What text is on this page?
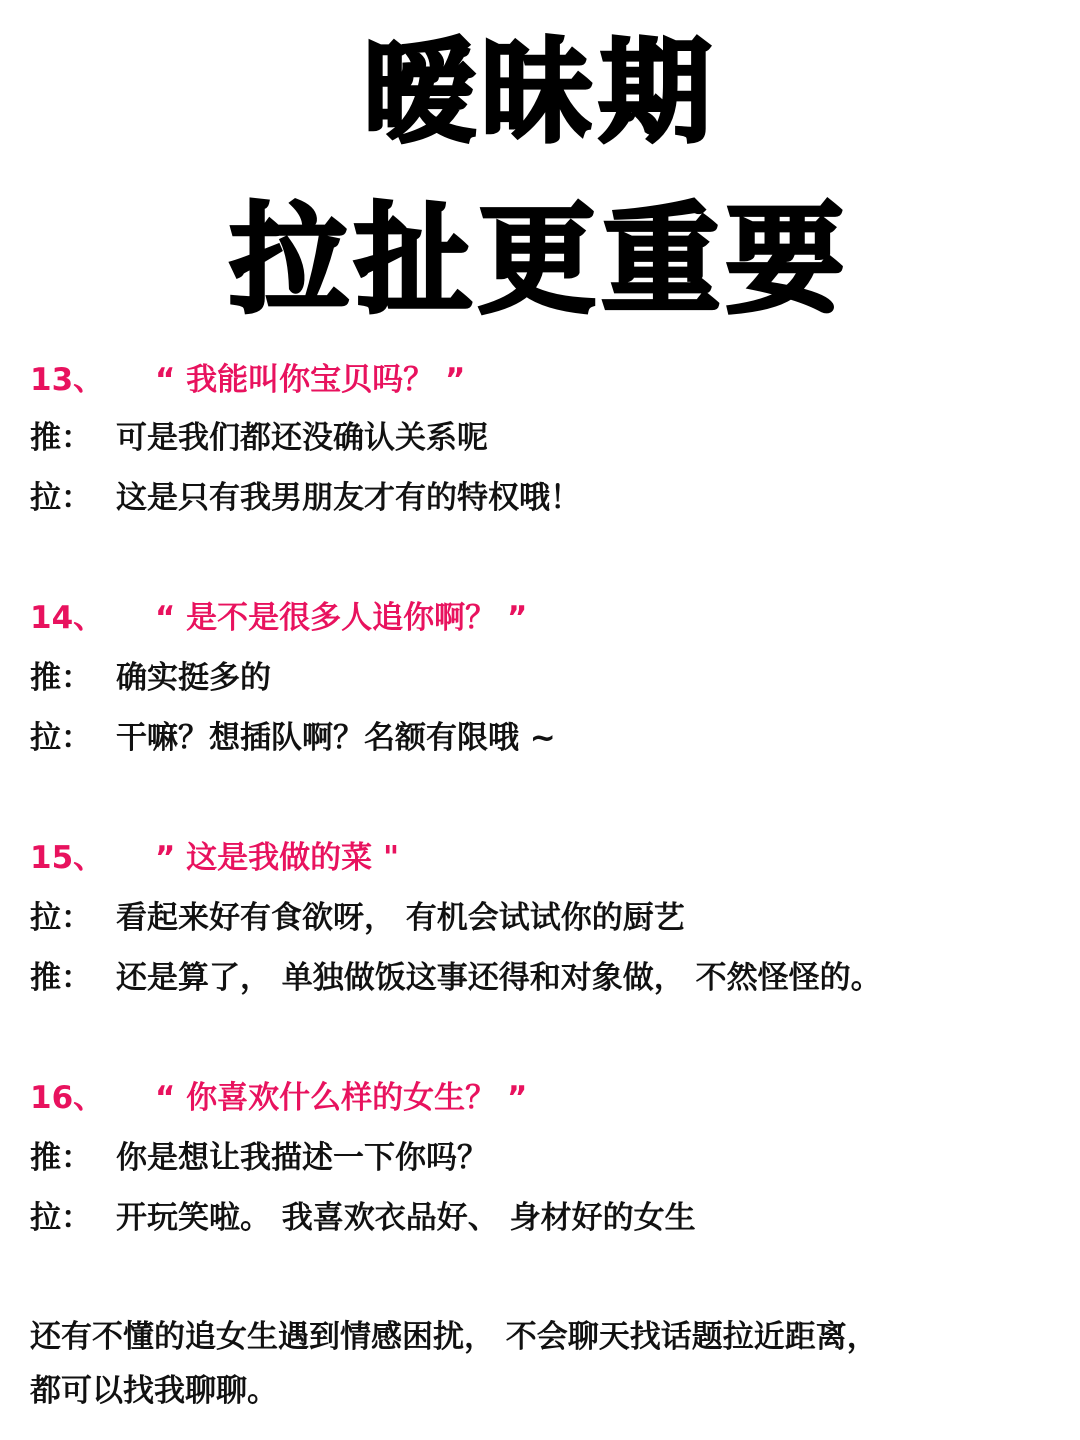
暧昧期
拉扯更重要
13、 “ 我能叫你宝贝吗？ ”
推： 可是我们都还没确认关系呢
拉： 这是只有我男朋友才有的特权哦！
14、 “ 是不是很多人追你啊？ ”
推： 确实挺多的
拉： 干嘛？想插队啊？名额有限哦 ~
15、 ” 这是我做的菜 "
拉： 看起来好有食欲呀， 有机会试试你的厨艺
推： 还是算了， 单独做饭这事还得和对象做， 不然怪怪的。
16、 “ 你喜欢什么样的女生？ ”
推： 你是想让我描述一下你吗？
拉： 开玩笑啦。 我喜欢衣品好、 身材好的女生
还有不懂的追女生遇到情感困扰， 不会聊天找话题拉近距离，
都可以找我聊聊。
